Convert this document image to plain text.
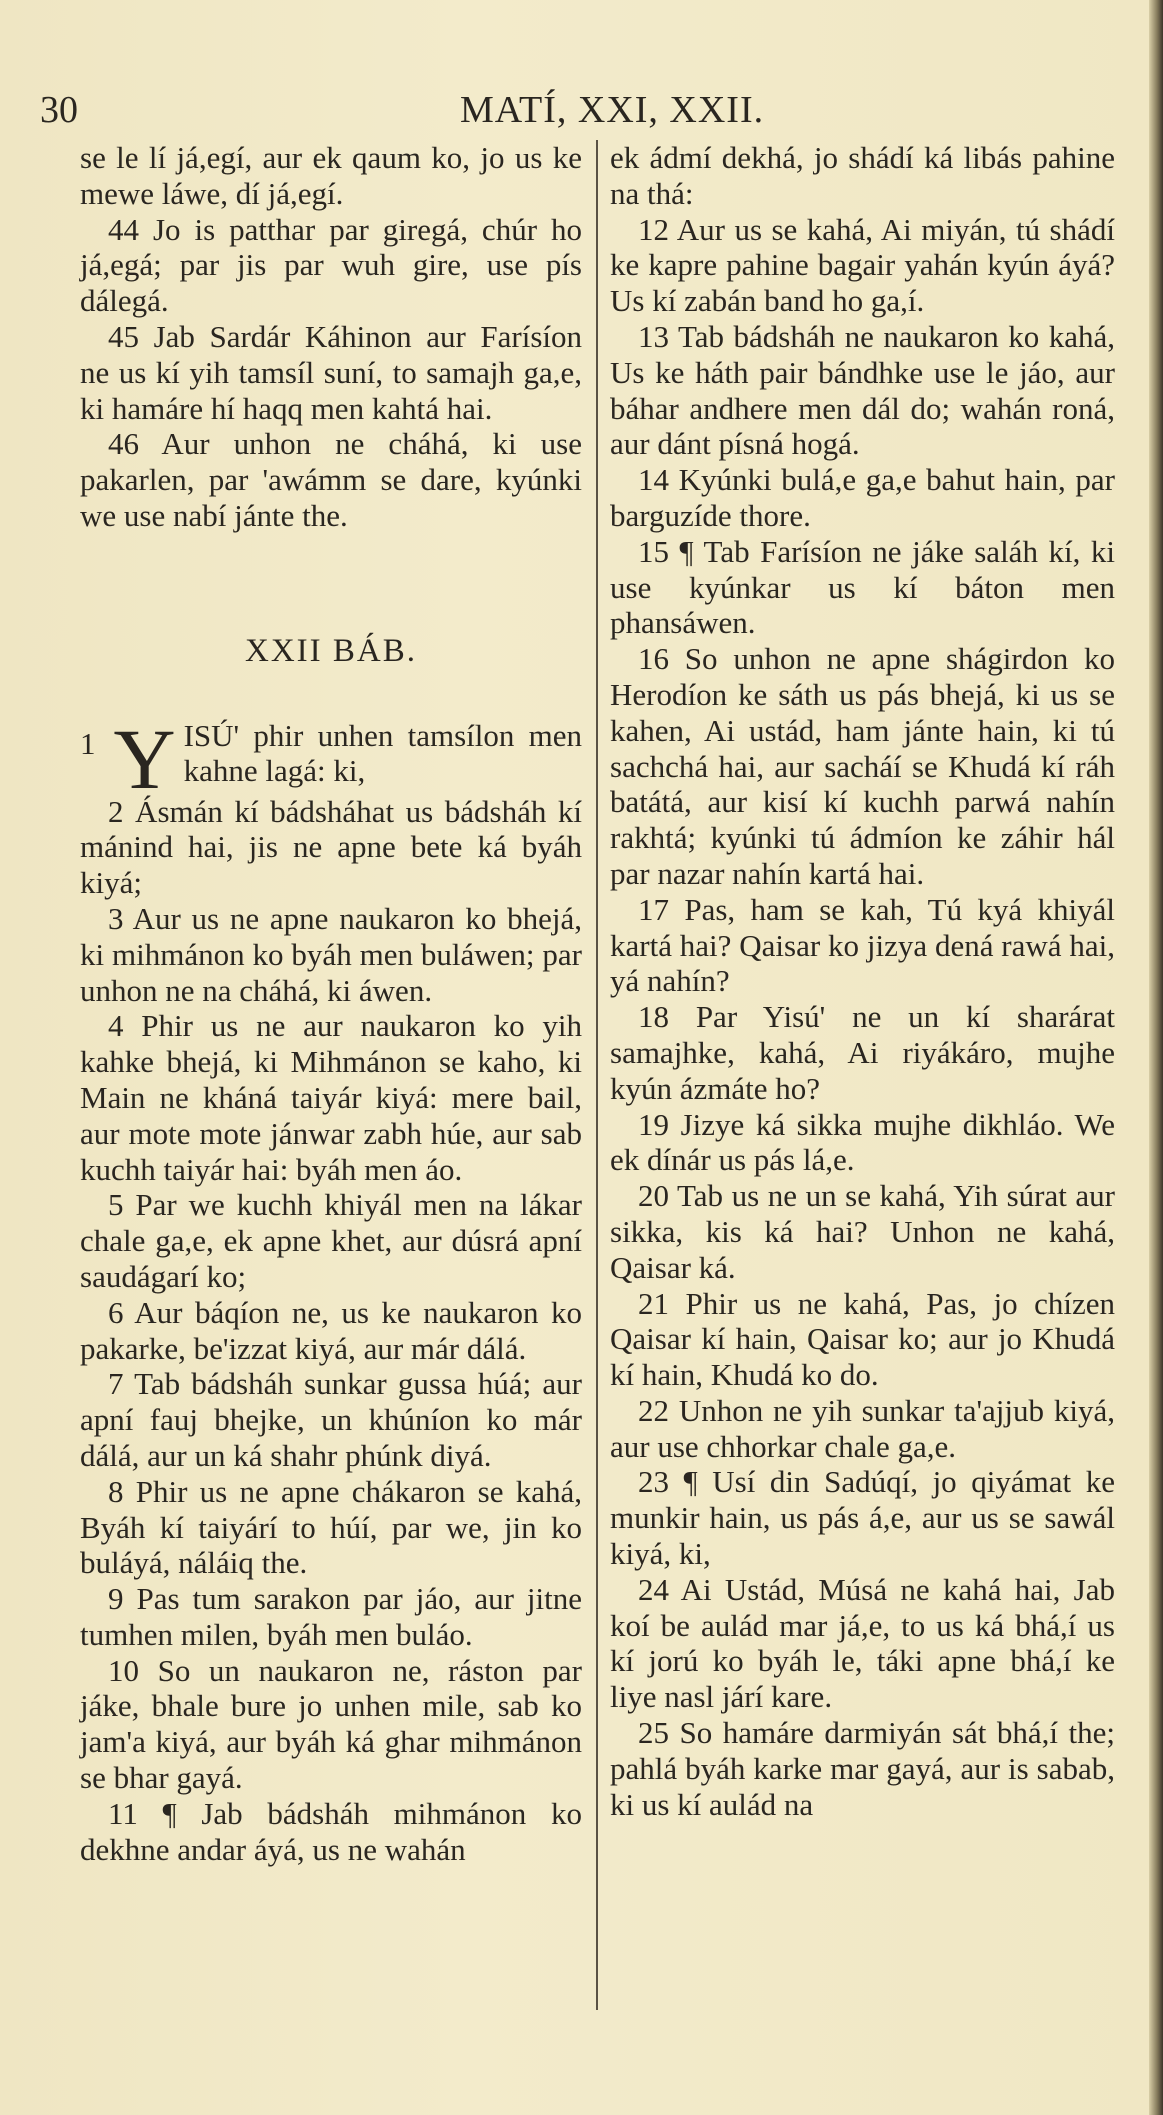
30	MATÍ, XXI, XXII.

se le lí já,egí, aur ek qaum ko, jo us ke mewe láwe, dí já,egí.

44 Jo is patthar par giregá, chúr ho já,egá; par jis par wuh gire, use pís dálegá.

45 Jab Sardár Káhinon aur Farísíon ne us kí yih tamsíl suní, to samajh ga,e, ki hamáre hí haqq men kahtá hai.

46 Aur unhon ne cháhá, ki use pakarlen, par 'awámm se dare, kyúnki we use nabí jánte the.

XXII BÁB.

1 Y ISÚ' phir unhen tamsílon men kahne lagá: ki,

2 Ásmán kí bádsháhat us bádsháh kí mánind hai, jis ne apne bete ká byáh kiyá;

3 Aur us ne apne naukaron ko bhejá, ki mihmánon ko byáh men buláwen; par unhon ne na cháhá, ki áwen.

4 Phir us ne aur naukaron ko yih kahke bhejá, ki Mihmánon se kaho, ki Main ne kháná taiyár kiyá: mere bail, aur mote mote jánwar zabh húe, aur sab kuchh taiyár hai: byáh men áo.

5 Par we kuchh khiyál men na lákar chale ga,e, ek apne khet, aur dúsrá apní saudágarí ko;

6 Aur báqíon ne, us ke naukaron ko pakarke, be'izzat kiyá, aur már dálá.

7 Tab bádsháh sunkar gussa húá; aur apní fauj bhejke, un khúníon ko már dálá, aur un ká shahr phúnk diyá.

8 Phir us ne apne chákaron se kahá, Byáh kí taiyárí to húí, par we, jin ko buláyá, náláiq the.

9 Pas tum sarakon par jáo, aur jitne tumhen milen, byáh men buláo.

10 So un naukaron ne, ráston par jáke, bhale bure jo unhen mile, sab ko jam'a kiyá, aur byáh ká ghar mihmánon se bhar gayá.

11 ¶ Jab bádsháh mihmánon ko dekhne andar áyá, us ne wahán

ek ádmí dekhá, jo shádí ká libás pahine na thá:

12 Aur us se kahá, Ai miyán, tú shádí ke kapre pahine bagair yahán kyún áyá? Us kí zabán band ho ga,í.

13 Tab bádsháh ne naukaron ko kahá, Us ke háth pair bándhke use le jáo, aur báhar andhere men dál do; wahán roná, aur dánt písná hogá.

14 Kyúnki bulá,e ga,e bahut hain, par barguzíde thore.

15 ¶ Tab Farísíon ne jáke saláh kí, ki use kyúnkar us kí báton men phansáwen.

16 So unhon ne apne shágirdon ko Herodíon ke sáth us pás bhejá, ki us se kahen, Ai ustád, ham jánte hain, ki tú sachchá hai, aur sacháí se Khudá kí ráh batátá, aur kisí kí kuchh parwá nahín rakhtá; kyúnki tú ádmíon ke záhir hál par nazar nahín kartá hai.

17 Pas, ham se kah, Tú kyá khiyál kartá hai? Qaisar ko jizya dená rawá hai, yá nahín?

18 Par Yisú' ne un kí sharárat samajhke, kahá, Ai riyákáro, mujhe kyún ázmáte ho?

19 Jizye ká sikka mujhe dikhláo. We ek dínár us pás lá,e.

20 Tab us ne un se kahá, Yih súrat aur sikka, kis ká hai? Unhon ne kahá, Qaisar ká.

21 Phir us ne kahá, Pas, jo chízen Qaisar kí hain, Qaisar ko; aur jo Khudá kí hain, Khudá ko do.

22 Unhon ne yih sunkar ta'ajjub kiyá, aur use chhorkar chale ga,e.

23 ¶ Usí din Sadúqí, jo qiyámat ke munkir hain, us pás á,e, aur us se sawál kiyá, ki,

24 Ai Ustád, Músá ne kahá hai, Jab koí be aulád mar já,e, to us ká bhá,í us kí jorú ko byáh le, táki apne bhá,í ke liye nasl járí kare.

25 So hamáre darmiyán sát bhá,í the; pahlá byáh karke mar gayá, aur is sabab, ki us kí aulád na
